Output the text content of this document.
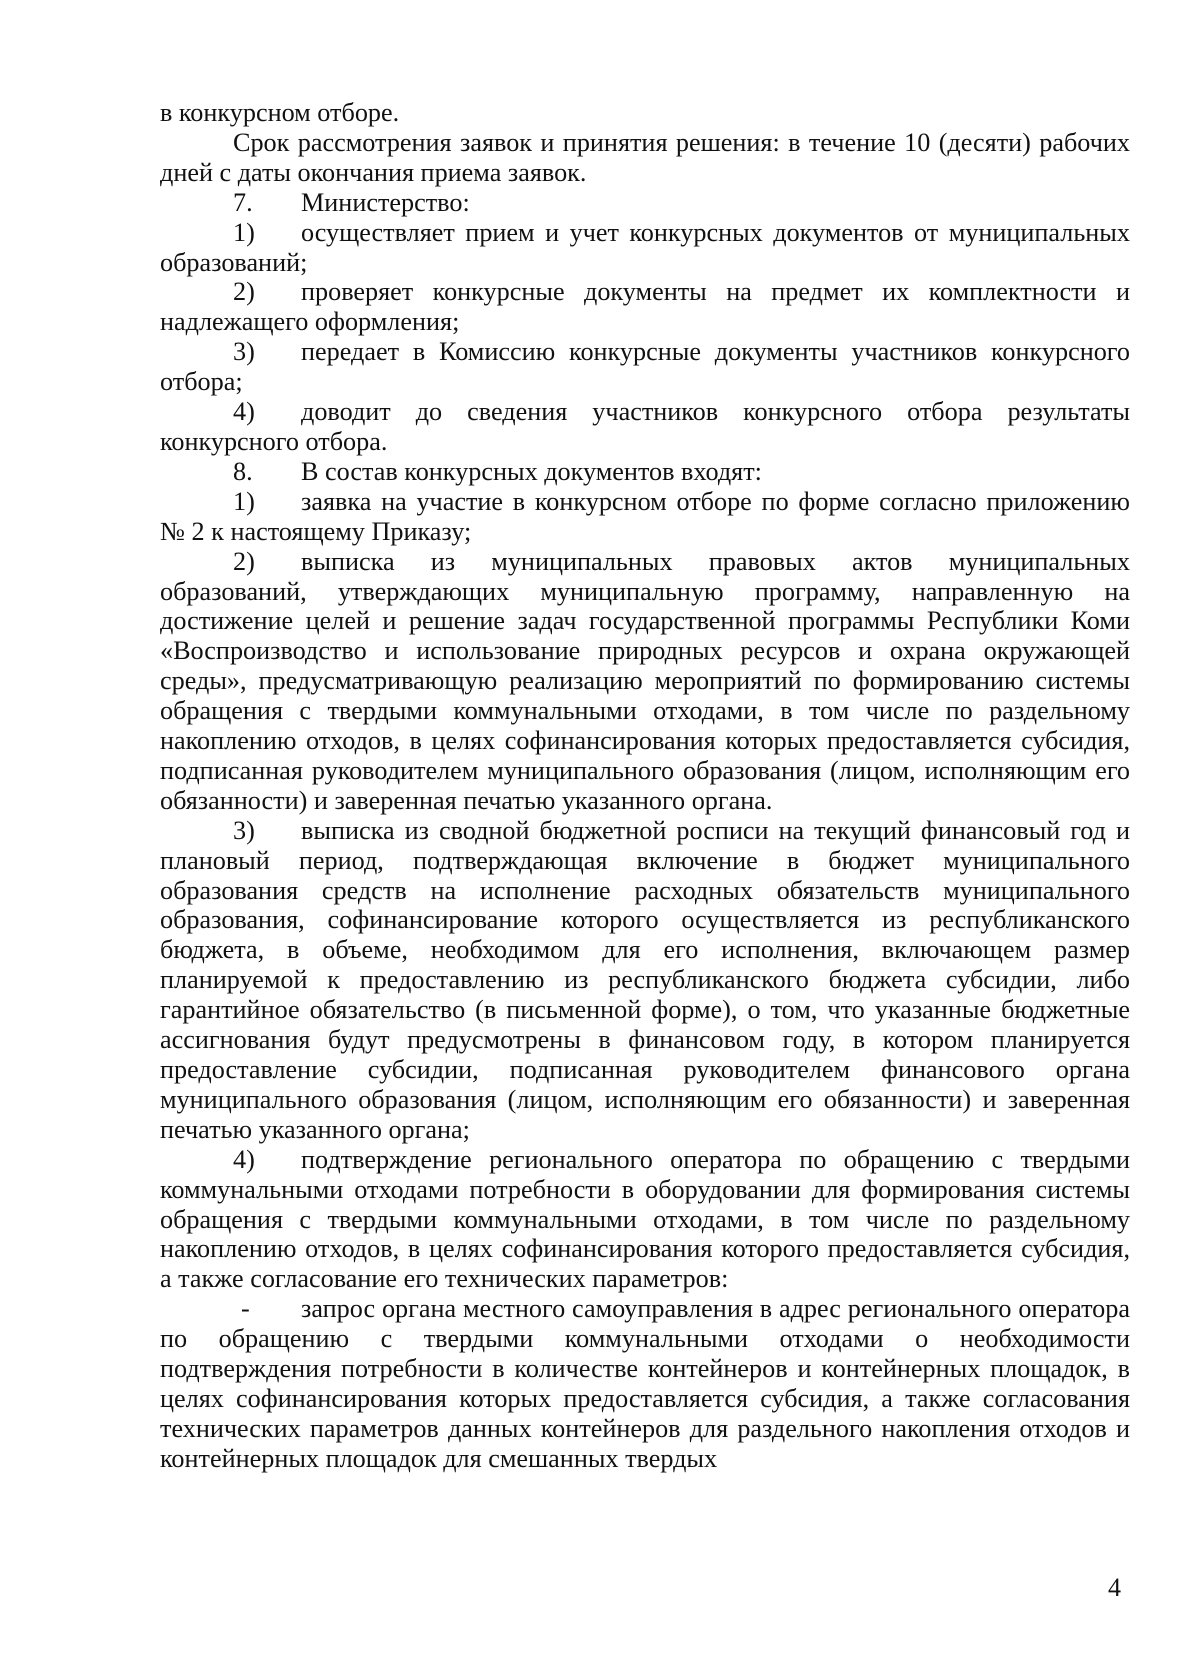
в конкурсном отборе.

Срок рассмотрения заявок и принятия решения: в течение 10 (десяти) рабочих дней с даты окончания приема заявок.

7. Министерство:

1) осуществляет прием и учет конкурсных документов от муниципальных образований;

2) проверяет конкурсные документы на предмет их комплектности и надлежащего оформления;

3) передает в Комиссию конкурсные документы участников конкурсного отбора;

4) доводит до сведения участников конкурсного отбора результаты конкурсного отбора.

8. В состав конкурсных документов входят:

1) заявка на участие в конкурсном отборе по форме согласно приложению № 2 к настоящему Приказу;

2) выписка из муниципальных правовых актов муниципальных образований, утверждающих муниципальную программу, направленную на достижение целей и решение задач государственной программы Республики Коми «Воспроизводство и использование природных ресурсов и охрана окружающей среды», предусматривающую реализацию мероприятий по формированию системы обращения с твердыми коммунальными отходами, в том числе по раздельному накоплению отходов, в целях софинансирования которых предоставляется субсидия, подписанная руководителем муниципального образования (лицом, исполняющим его обязанности) и заверенная печатью указанного органа.

3) выписка из сводной бюджетной росписи на текущий финансовый год и плановый период, подтверждающая включение в бюджет муниципального образования средств на исполнение расходных обязательств муниципального образования, софинансирование которого осуществляется из республиканского бюджета, в объеме, необходимом для его исполнения, включающем размер планируемой к предоставлению из республиканского бюджета субсидии, либо гарантийное обязательство (в письменной форме), о том, что указанные бюджетные ассигнования будут предусмотрены в финансовом году, в котором планируется предоставление субсидии, подписанная руководителем финансового органа муниципального образования (лицом, исполняющим его обязанности) и заверенная печатью указанного органа;

4) подтверждение регионального оператора по обращению с твердыми коммунальными отходами потребности в оборудовании для формирования системы обращения с твердыми коммунальными отходами, в том числе по раздельному накоплению отходов, в целях софинансирования которого предоставляется субсидия, а также согласование его технических параметров:

- запрос органа местного самоуправления в адрес регионального оператора по обращению с твердыми коммунальными отходами о необходимости подтверждения потребности в количестве контейнеров и контейнерных площадок, в целях софинансирования которых предоставляется субсидия, а также согласования технических параметров данных контейнеров для раздельного накопления отходов и контейнерных площадок для смешанных твердых

4
